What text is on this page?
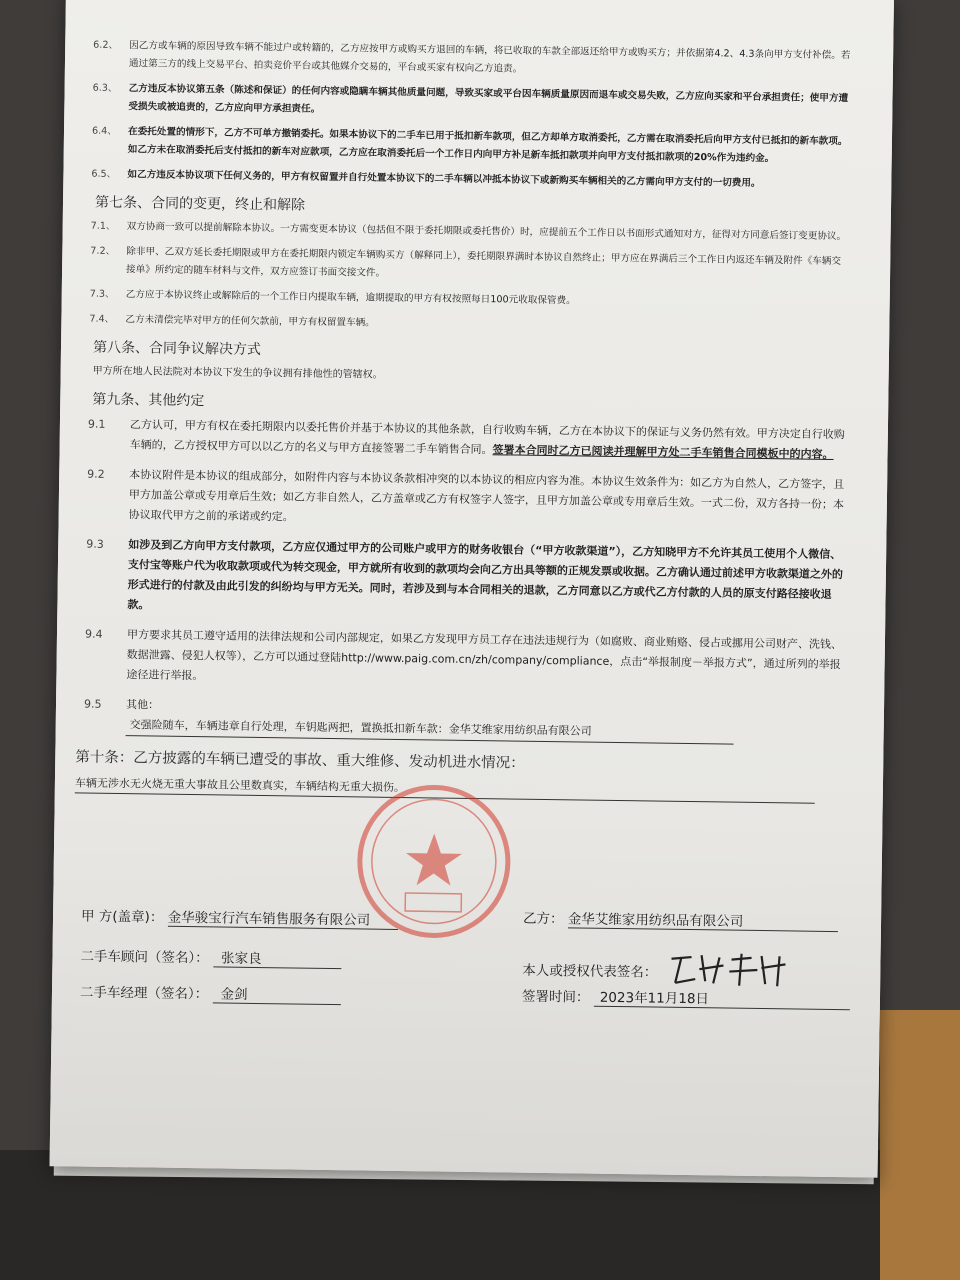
6.2、	因乙方或车辆的原因导致车辆不能过户或转籍的，乙方应按甲方或购买方退回的车辆，将已收取的车款全部返还给甲方或购买方；并依据第4.2、4.3条向甲方支付补偿。若通过第三方的线上交易平台、拍卖竞价平台或其他媒介交易的，平台或买家有权向乙方追责。
6.3、	乙方违反本协议第五条（陈述和保证）的任何内容或隐瞒车辆其他质量问题，导致买家或平台因车辆质量原因而退车或交易失败，乙方应向买家和平台承担责任；使甲方遭受损失或被追责的，乙方应向甲方承担责任。
6.4、	在委托处置的情形下，乙方不可单方撤销委托。如果本协议下的二手车已用于抵扣新车款项，但乙方却单方取消委托，乙方需在取消委托后向甲方支付已抵扣的新车款项。如乙方未在取消委托后支付抵扣的新车对应款项，乙方应在取消委托后一个工作日内向甲方补足新车抵扣款项并向甲方支付抵扣款项的20%作为违约金。
6.5、	如乙方违反本协议项下任何义务的，甲方有权留置并自行处置本协议下的二手车辆以冲抵本协议下或新购买车辆相关的乙方需向甲方支付的一切费用。
第七条、合同的变更，终止和解除
7.1、	双方协商一致可以提前解除本协议。一方需变更本协议（包括但不限于委托期限或委托售价）时，应提前五个工作日以书面形式通知对方，征得对方同意后签订变更协议。
7.2、	除非甲、乙双方延长委托期限或甲方在委托期限内锁定车辆购买方（解释同上），委托期限界满时本协议自然终止；甲方应在界满后三个工作日内返还车辆及附件《车辆交接单》所约定的随车材料与文件，双方应签订书面交接文件。
7.3、	乙方应于本协议终止或解除后的一个工作日内提取车辆，逾期提取的甲方有权按照每日100元收取保管费。
7.4、	乙方未清偿完毕对甲方的任何欠款前，甲方有权留置车辆。
第八条、合同争议解决方式
甲方所在地人民法院对本协议下发生的争议拥有排他性的管辖权。
第九条、其他约定
9.1	乙方认可，甲方有权在委托期限内以委托售价并基于本协议的其他条款，自行收购车辆，乙方在本协议下的保证与义务仍然有效。甲方决定自行收购车辆的，乙方授权甲方可以以乙方的名义与甲方直接签署二手车销售合同。签署本合同时乙方已阅读并理解甲方处二手车销售合同模板中的内容。
9.2	本协议附件是本协议的组成部分，如附件内容与本协议条款相冲突的以本协议的相应内容为准。本协议生效条件为：如乙方为自然人，乙方签字，且甲方加盖公章或专用章后生效；如乙方非自然人，乙方盖章或乙方有权签字人签字，且甲方加盖公章或专用章后生效。一式二份，双方各持一份；本协议取代甲方之前的承诺或约定。
9.3	如涉及到乙方向甲方支付款项，乙方应仅通过甲方的公司账户或甲方的财务收银台（“甲方收款渠道”），乙方知晓甲方不允许其员工使用个人微信、支付宝等账户代为收取款项或代为转交现金，甲方就所有收到的款项均会向乙方出具等额的正规发票或收据。乙方确认通过前述甲方收款渠道之外的形式进行的付款及由此引发的纠纷均与甲方无关。同时，若涉及到与本合同相关的退款，乙方同意以乙方或代乙方付款的人员的原支付路径接收退款。
9.4	甲方要求其员工遵守适用的法律法规和公司内部规定，如果乙方发现甲方员工存在违法违规行为（如腐败、商业贿赂、侵占或挪用公司财产、洗钱、数据泄露、侵犯人权等），乙方可以通过登陆http://www.paig.com.cn/zh/company/compliance，点击“举报制度－举报方式”，通过所列的举报途径进行举报。
9.5	其他：
交强险随车，车辆违章自行处理，车钥匙两把，置换抵扣新车款：金华艾维家用纺织品有限公司
第十条：乙方披露的车辆已遭受的事故、重大维修、发动机进水情况：
车辆无涉水无火烧无重大事故且公里数真实，车辆结构无重大损伤。
甲 方(盖章)： 金华骏宝行汽车销售服务有限公司
二手车顾问（签名）： 张家良
二手车经理（签名）： 金剑
乙方： 金华艾维家用纺织品有限公司
本人或授权代表签名：
签署时间： 2023年11月18日
